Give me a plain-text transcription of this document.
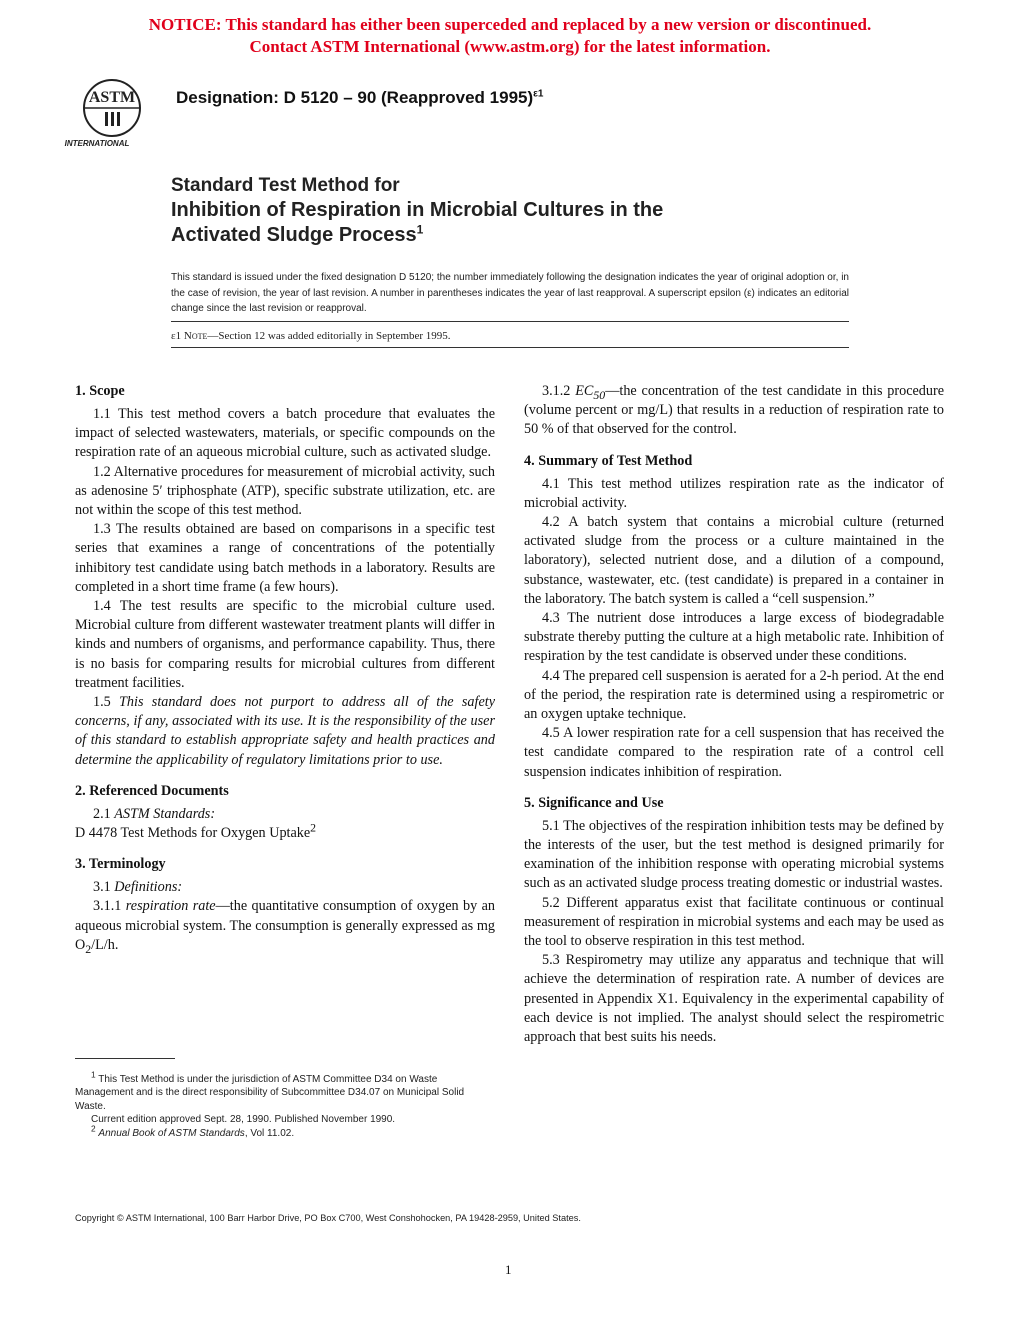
NOTICE: This standard has either been superceded and replaced by a new version or discontinued.
Contact ASTM International (www.astm.org) for the latest information.
ASTM
INTERNATIONAL
Designation: D 5120 – 90 (Reapproved 1995)$^{\varepsilon 1}$
Standard Test Method for
Inhibition of Respiration in Microbial Cultures in the
Activated Sludge Process$^1$
This standard is issued under the fixed designation D 5120; the number immediately following the designation indicates the year of original adoption or, in the case of revision, the year of last revision. A number in parentheses indicates the year of last reapproval. A superscript epsilon (ε) indicates an editorial change since the last revision or reapproval.
ε1 Note—Section 12 was added editorially in September 1995.
1. Scope

1.1 This test method covers a batch procedure that evaluates the impact of selected wastewaters, materials, or specific compounds on the respiration rate of an aqueous microbial culture, such as activated sludge.

1.2 Alternative procedures for measurement of microbial activity, such as adenosine 5′ triphosphate (ATP), specific substrate utilization, etc. are not within the scope of this test method.

1.3 The results obtained are based on comparisons in a specific test series that examines a range of concentrations of the potentially inhibitory test candidate using batch methods in a laboratory. Results are completed in a short time frame (a few hours).

1.4 The test results are specific to the microbial culture used. Microbial culture from different wastewater treatment plants will differ in kinds and numbers of organisms, and performance capability. Thus, there is no basis for comparing results for microbial cultures from different treatment facilities.

1.5 This standard does not purport to address all of the safety concerns, if any, associated with its use. It is the responsibility of the user of this standard to establish appropriate safety and health practices and determine the applicability of regulatory limitations prior to use.

2. Referenced Documents

2.1 ASTM Standards:

D 4478 Test Methods for Oxygen Uptake$^2$

3. Terminology

3.1 Definitions:

3.1.1 respiration rate—the quantitative consumption of oxygen by an aqueous microbial system. The consumption is generally expressed as mg $O_2/L/h$.

3.1.2 $EC_{50}—the$ concentration of the test candidate in this procedure (volume percent or mg/L) that results in a reduction of respiration rate to 50 % of that observed for the control.

4. Summary of Test Method

4.1 This test method utilizes respiration rate as the indicator of microbial activity.

4.2 A batch system that contains a microbial culture (returned activated sludge from the process or a culture maintained in the laboratory), selected nutrient dose, and a dilution of a compound, substance, wastewater, etc. (test candidate) is prepared in a container in the laboratory. The batch system is called a “cell suspension.”

4.3 The nutrient dose introduces a large excess of biodegradable substrate thereby putting the culture at a high metabolic rate. Inhibition of respiration by the test candidate is observed under these conditions.

4.4 The prepared cell suspension is aerated for a 2-h period. At the end of the period, the respiration rate is determined using a respirometric or an oxygen uptake technique.

4.5 A lower respiration rate for a cell suspension that has received the test candidate compared to the respiration rate of a control cell suspension indicates inhibition of respiration.

5. Significance and Use

5.1 The objectives of the respiration inhibition tests may be defined by the interests of the user, but the test method is designed primarily for examination of the inhibition response with operating microbial systems such as an activated sludge process treating domestic or industrial wastes.

5.2 Different apparatus exist that facilitate continuous or continual measurement of respiration in microbial systems and each may be used as the tool to observe respiration in this test method.

5.3 Respirometry may utilize any apparatus and technique that will achieve the determination of respiration rate. A number of devices are presented in Appendix X1. Equivalency in the experimental capability of each device is not implied. The analyst should select the respirometric approach that best suits his needs.

$^1$ This Test Method is under the jurisdiction of ASTM Committee D34 on Waste Management and is the direct responsibility of Subcommittee D34.07 on Municipal Solid Waste.

Current edition approved Sept. 28, 1990. Published November 1990.

$^2$ Annual Book of ASTM Standards, Vol 11.02.

Copyright © ASTM International, 100 Barr Harbor Drive, PO Box C700, West Conshohocken, PA 19428-2959, United States.
1
